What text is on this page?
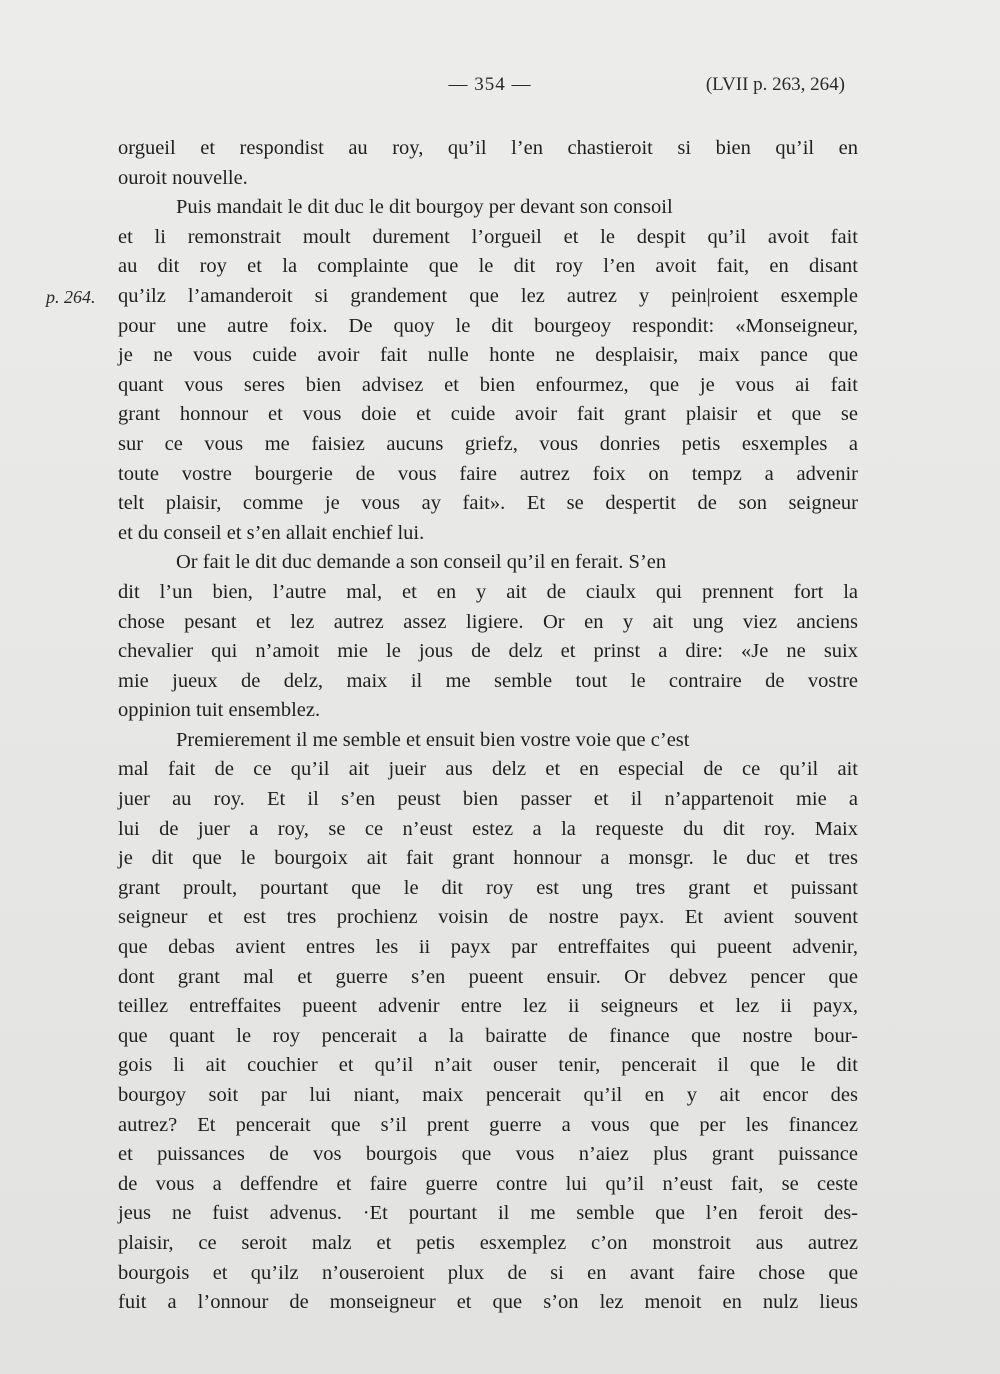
— 354 —	(LVII p. 263, 264)
p. 264.
orgueil et respondist au roy, qu’il l’en chastieroit si bien qu’il en
ouroit nouvelle.
Puis mandait le dit duc le dit bourgoy per devant son consoil
et li remonstrait moult durement l’orgueil et le despit qu’il avoit fait
au dit roy et la complainte que le dit roy l’en avoit fait, en disant
qu’ilz l’amanderoit si grandement que lez autrez y pein|roient esxemple
pour une autre foix. De quoy le dit bourgeoy respondit: «Monseigneur,
je ne vous cuide avoir fait nulle honte ne desplaisir, maix pance que
quant vous seres bien advisez et bien enfourmez, que je vous ai fait
grant honnour et vous doie et cuide avoir fait grant plaisir et que se
sur ce vous me faisiez aucuns griefz, vous donries petis esxemples a
toute vostre bourgerie de vous faire autrez foix on tempz a advenir
telt plaisir, comme je vous ay fait». Et se despertit de son seigneur
et du conseil et s’en allait enchief lui.
Or fait le dit duc demande a son conseil qu’il en ferait. S’en
dit l’un bien, l’autre mal, et en y ait de ciaulx qui prennent fort la
chose pesant et lez autrez assez ligiere. Or en y ait ung viez anciens
chevalier qui n’amoit mie le jous de delz et prinst a dire: «Je ne suix
mie jueux de delz, maix il me semble tout le contraire de vostre
oppinion tuit ensemblez.
Premierement il me semble et ensuit bien vostre voie que c’est
mal fait de ce qu’il ait jueir aus delz et en especial de ce qu’il ait
juer au roy. Et il s’en peust bien passer et il n’appartenoit mie a
lui de juer a roy, se ce n’eust estez a la requeste du dit roy. Maix
je dit que le bourgoix ait fait grant honnour a monsgr. le duc et tres
grant proult, pourtant que le dit roy est ung tres grant et puissant
seigneur et est tres prochienz voisin de nostre payx. Et avient souvent
que debas avient entres les ii payx par entreffaites qui pueent advenir,
dont grant mal et guerre s’en pueent ensuir. Or debvez pencer que
teillez entreffaites pueent advenir entre lez ii seigneurs et lez ii payx,
que quant le roy pencerait a la bairatte de finance que nostre bour-
gois li ait couchier et qu’il n’ait ouser tenir, pencerait il que le dit
bourgoy soit par lui niant, maix pencerait qu’il en y ait encor des
autrez? Et pencerait que s’il prent guerre a vous que per les financez
et puissances de vos bourgois que vous n’aiez plus grant puissance
de vous a deffendre et faire guerre contre lui qu’il n’eust fait, se ceste
jeus ne fuist advenus. ·Et pourtant il me semble que l’en feroit des-
plaisir, ce seroit malz et petis esxemplez c’on monstroit aus autrez
bourgois et qu’ilz n’ouseroient plux de si en avant faire chose que
fuit a l’onnour de monseigneur et que s’on lez menoit en nulz lieus
